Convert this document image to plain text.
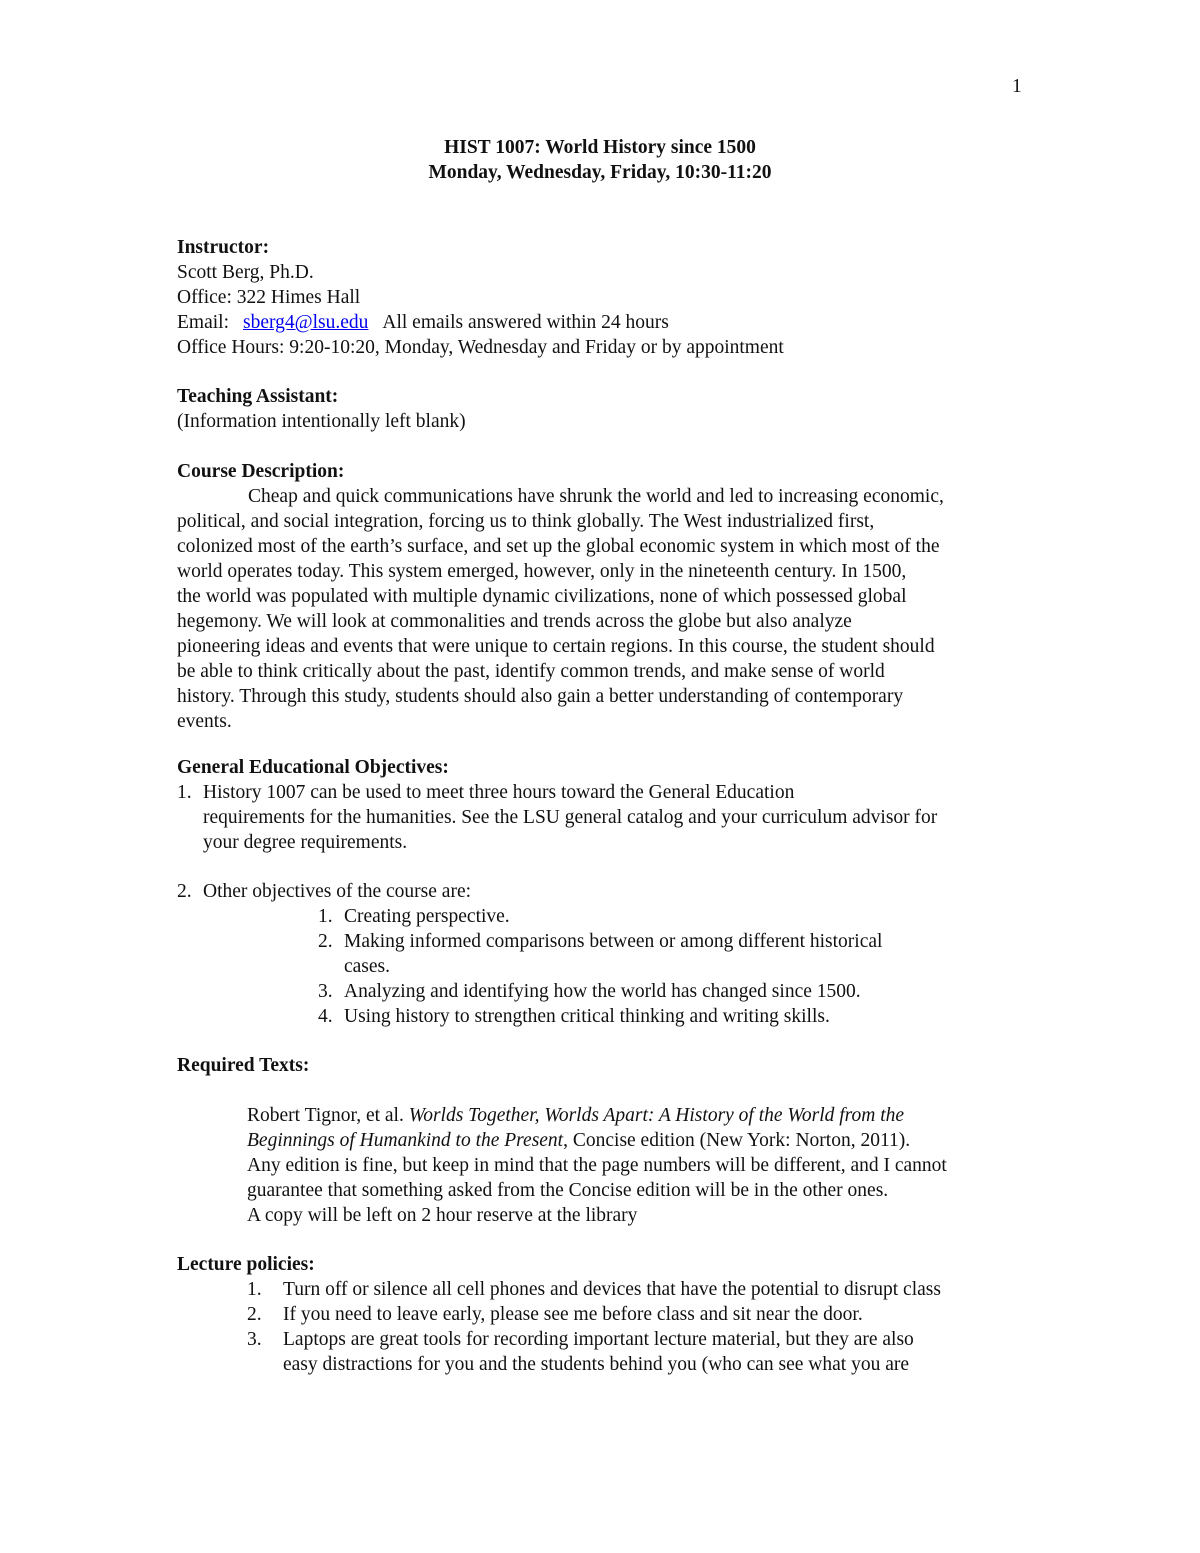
1
HIST 1007: World History since 1500
Monday, Wednesday, Friday, 10:30-11:20
Instructor:
Scott Berg, Ph.D.
Office: 322 Himes Hall
Email: sberg4@lsu.edu All emails answered within 24 hours
Office Hours: 9:20-10:20, Monday, Wednesday and Friday or by appointment
Teaching Assistant:
(Information intentionally left blank)
Course Description:
Cheap and quick communications have shrunk the world and led to increasing economic,
political, and social integration, forcing us to think globally. The West industrialized first,
colonized most of the earth’s surface, and set up the global economic system in which most of the
world operates today. This system emerged, however, only in the nineteenth century. In 1500,
the world was populated with multiple dynamic civilizations, none of which possessed global
hegemony. We will look at commonalities and trends across the globe but also analyze
pioneering ideas and events that were unique to certain regions. In this course, the student should
be able to think critically about the past, identify common trends, and make sense of world
history. Through this study, students should also gain a better understanding of contemporary
events.
General Educational Objectives:
1. History 1007 can be used to meet three hours toward the General Education
requirements for the humanities. See the LSU general catalog and your curriculum advisor for
your degree requirements.
2. Other objectives of the course are:
1. Creating perspective.
2. Making informed comparisons between or among different historical
cases.
3. Analyzing and identifying how the world has changed since 1500.
4. Using history to strengthen critical thinking and writing skills.
Required Texts:
Robert Tignor, et al. Worlds Together, Worlds Apart: A History of the World from the
Beginnings of Humankind to the Present, Concise edition (New York: Norton, 2011).
Any edition is fine, but keep in mind that the page numbers will be different, and I cannot
guarantee that something asked from the Concise edition will be in the other ones.
A copy will be left on 2 hour reserve at the library
Lecture policies:
1. Turn off or silence all cell phones and devices that have the potential to disrupt class
2. If you need to leave early, please see me before class and sit near the door.
3. Laptops are great tools for recording important lecture material, but they are also
easy distractions for you and the students behind you (who can see what you are
